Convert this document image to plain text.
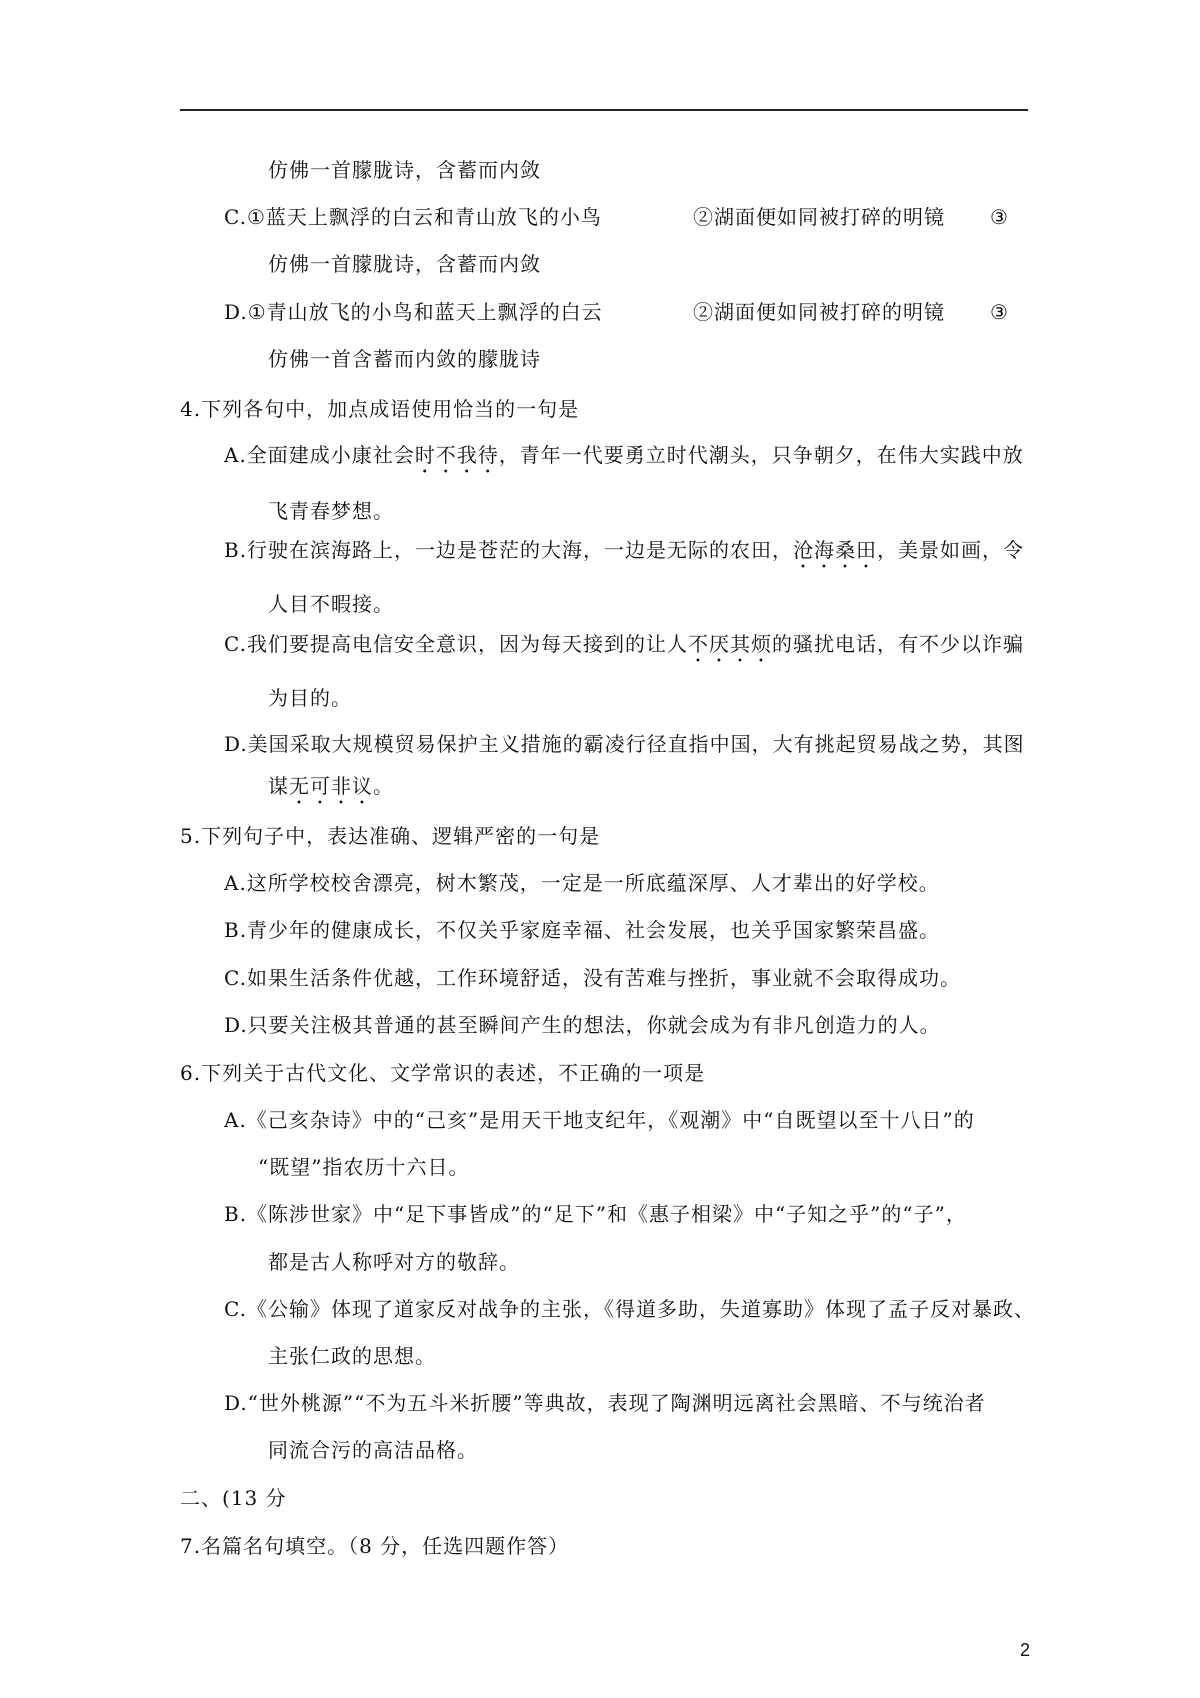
仿佛一首朦胧诗，含蓄而内敛
C.①蓝天上飘浮的白云和青山放飞的小鸟	②湖面便如同被打碎的明镜 ③
仿佛一首朦胧诗，含蓄而内敛
D.①青山放飞的小鸟和蓝天上飘浮的白云	②湖面便如同被打碎的明镜 ③
仿佛一首含蓄而内敛的朦胧诗
4.下列各句中，加点成语使用恰当的一句是
A.全面建成小康社会时不我待，青年一代要勇立时代潮头，只争朝夕，在伟大实践中放
飞青春梦想。
B.行驶在滨海路上，一边是苍茫的大海，一边是无际的农田，沧海桑田，美景如画，令
人目不暇接。
C.我们要提高电信安全意识，因为每天接到的让人不厌其烦的骚扰电话，有不少以诈骗
为目的。
D.美国采取大规模贸易保护主义措施的霸凌行径直指中国，大有挑起贸易战之势，其图
谋无可非议。
5.下列句子中，表达准确、逻辑严密的一句是
A.这所学校校舍漂亮，树木繁茂，一定是一所底蕴深厚、人才辈出的好学校。
B.青少年的健康成长，不仅关乎家庭幸福、社会发展，也关乎国家繁荣昌盛。
C.如果生活条件优越，工作环境舒适，没有苦难与挫折，事业就不会取得成功。
D.只要关注极其普通的甚至瞬间产生的想法，你就会成为有非凡创造力的人。
6.下列关于古代文化、文学常识的表述，不正确的一项是
A.《己亥杂诗》中的“己亥”是用天干地支纪年，《观潮》中“自既望以至十八日”的
“既望”指农历十六日。
B.《陈涉世家》中“足下事皆成”的“足下”和《惠子相梁》中“子知之乎”的“子”，
都是古人称呼对方的敬辞。
C.《公输》体现了道家反对战争的主张，《得道多助，失道寡助》体现了孟子反对暴政、
主张仁政的思想。
D.“世外桃源”“不为五斗米折腰”等典故，表现了陶渊明远离社会黑暗、不与统治者
同流合污的高洁品格。
二、(13 分
7.名篇名句填空。（8 分，任选四题作答）
2
